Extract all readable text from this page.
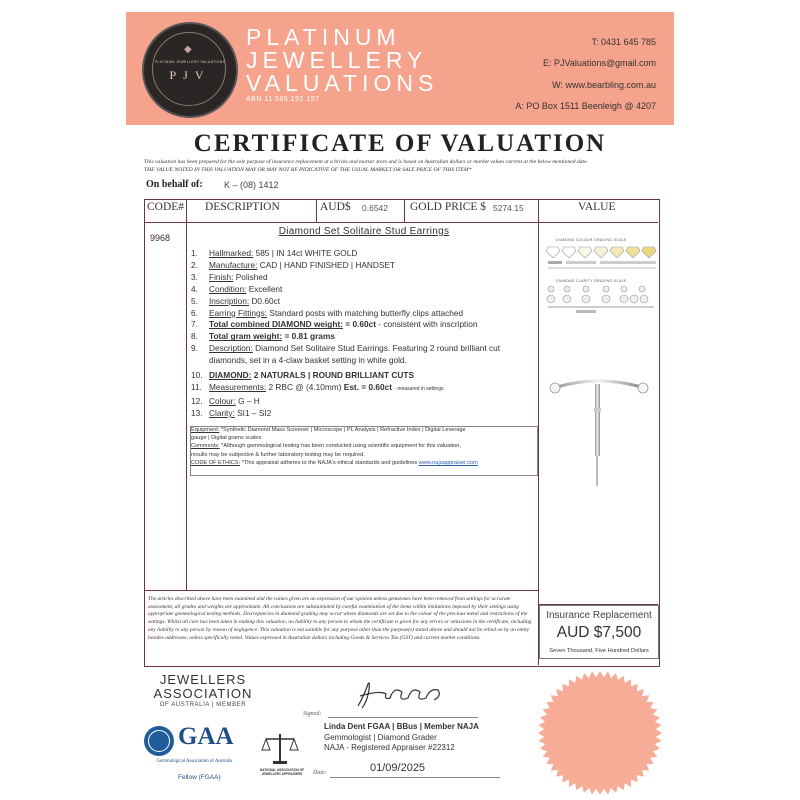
◆
PLATINUM JEWELLERY VALUATIONS
PJV
PLATINUM
JEWELLERY
VALUATIONS
ABN 11 565 192 157
T: 0431 645 785
E: PJValuations@gmail.com
W: www.bearbling.com.au
A: PO Box 1511 Beenleigh @ 4207
CERTIFICATE OF VALUATION
This valuation has been prepared for the sole purpose of insurance replacement at a bricks and mortar store and is based on Australian dollars or market values current at the below mentioned date.
THE VALUE NOTED IN THIS VALUATION MAY OR MAY NOT BE INDICATIVE OF THE USUAL MARKET OR SALE PRICE OF THIS ITEM*
On behalf of: K – (08) 1412
CODE# DESCRIPTION	AUD$ 0.6542 GOLD PRICE $ 5274.15	VALUE
9968
Diamond Set Solitaire Stud Earrings
1. Hallmarked: 585 | IN 14ct WHITE GOLD
2. Manufacture: CAD | HAND FINISHED | HANDSET
3. Finish: Polished
4. Condition: Excellent
5. Inscription: D0.60ct
6. Earring Fittings: Standard posts with matching butterfly clips attached
7. Total combined DIAMOND weight: = 0.60ct - consistent with inscription
8. Total gram weight: = 0.81 grams
9. Description: Diamond Set Solitaire Stud Earrings. Featuring 2 round brilliant cut
diamonds, set in a 4-claw basket setting in white gold.
10. DIAMOND: 2 NATURALS | ROUND BRILLIANT CUTS
11. Measurements: 2 RBC @ (4.10mm) Est. = 0.60ct - measured in settings
12. Colour: G – H
13. Clarity: SI1 – SI2
Equipment: *Synthetic Diamond Mass Screener | Microscope | PL Analysis | Refractive Index | Digital Leverage
gauge | Digital grams scales.
Comments: *Although gemmological testing has been conducted using scientific equipment for this valuation,
results may be subjective & further laboratory testing may be required.
CODE OF ETHICS: *This appraisal adheres to the NAJA's ethical standards and guidelines www.najaappraiser.com
DIAMOND COLOUR GRADING SCALE
DIAMOND CLARITY GRADING SCALE
The articles described above have been examined and the values given are an expression of our opinion unless gemstones have been removed from settings for accurate assessment, all grades and weights are approximate. All conclusions are substantiated by careful examination of the items within limitations imposed by their settings using appropriate gemmological testing methods. Discrepancies in diamond grading may occur where diamonds are set due to the colour of the precious metal and restrictions of the settings. Whilst all care has been taken in making this valuation, no liability to any person to whom the certificate is given for any errors or omissions in the certificate, including any liability to any person by reason of negligence. This valuation is not suitable for any purpose other than the purpose(s) stated above and should not be relied on by an entity besides addressee, unless specifically noted. Values expressed in Australian dollars including Goods & Services Tax (GST) and current market conditions.
Insurance Replacement
AUD $7,500
Seven Thousand, Five Hundred Dollars
JEWELLERS
ASSOCIATION
OF AUSTRALIA | MEMBER
Signed:
Linda Dent FGAA | BBus | Member NAJA
Gemmologist | Diamond Grader
NAJA - Registered Appraiser #22312
Date:	01/09/2025
GAA
Gemmological Association of Australia
Fellow (FGAA)
NATIONAL ASSOCIATION OF JEWELLERY APPRAISERS
